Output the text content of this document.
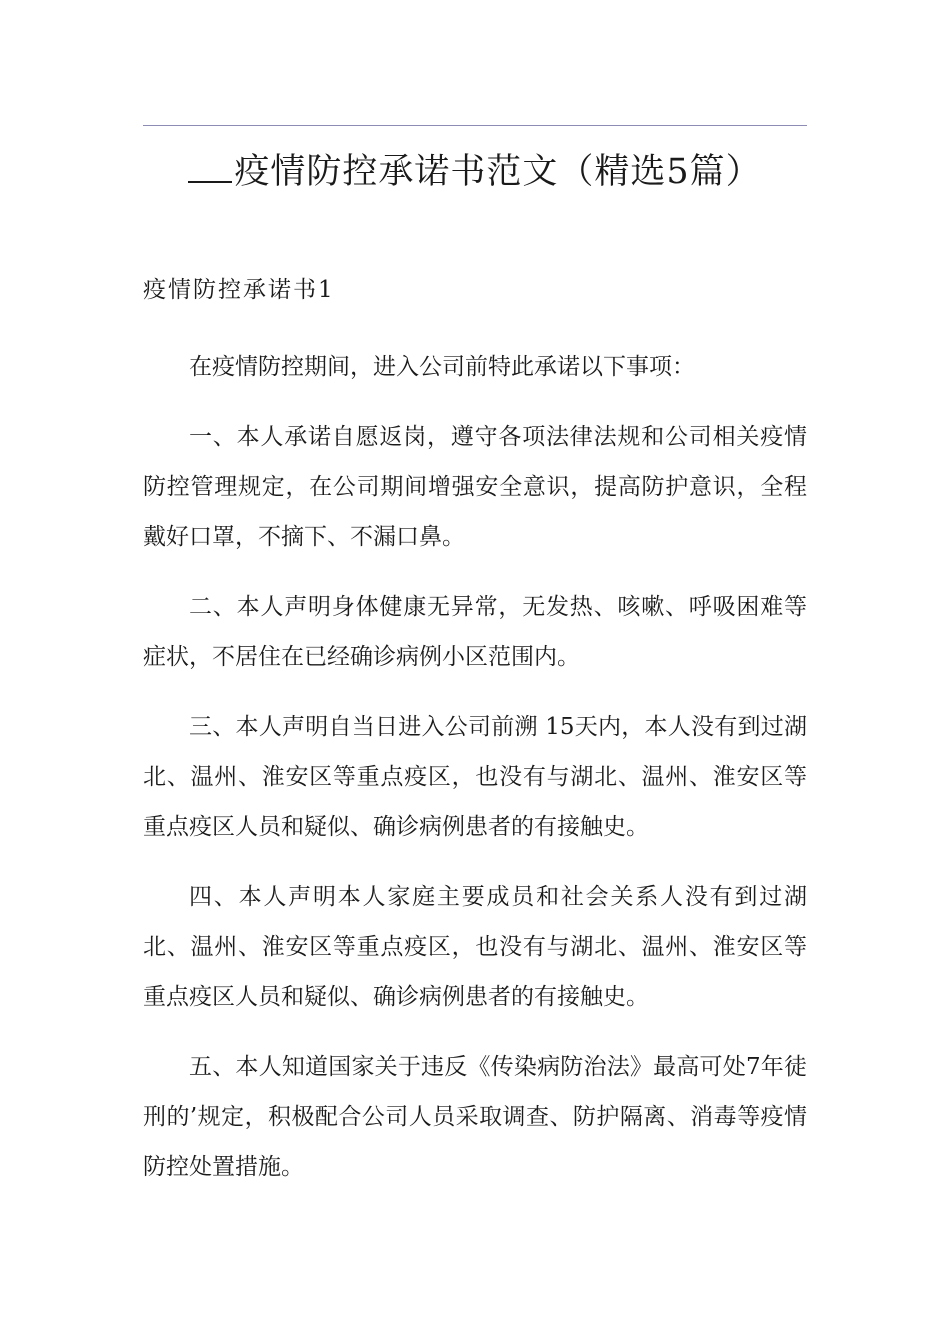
疫情防控承诺书范文（精选5篇）
疫情防控承诺书1

在疫情防控期间，进入公司前特此承诺以下事项：

一、本人承诺自愿返岗，遵守各项法律法规和公司相关疫情防控管理规定，在公司期间增强安全意识，提高防护意识，全程戴好口罩，不摘下、不漏口鼻。

二、本人声明身体健康无异常，无发热、咳嗽、呼吸困难等症状，不居住在已经确诊病例小区范围内。

三、本人声明自当日进入公司前溯 15天内，本人没有到过湖北、温州、淮安区等重点疫区，也没有与湖北、温州、淮安区等重点疫区人员和疑似、确诊病例患者的有接触史。

四、本人声明本人家庭主要成员和社会关系人没有到过湖北、温州、淮安区等重点疫区，也没有与湖北、温州、淮安区等重点疫区人员和疑似、确诊病例患者的有接触史。

五、本人知道国家关于违反《传染病防治法》最高可处7年徒刑的’规定，积极配合公司人员采取调查、防护隔离、消毒等疫情防控处置措施。
